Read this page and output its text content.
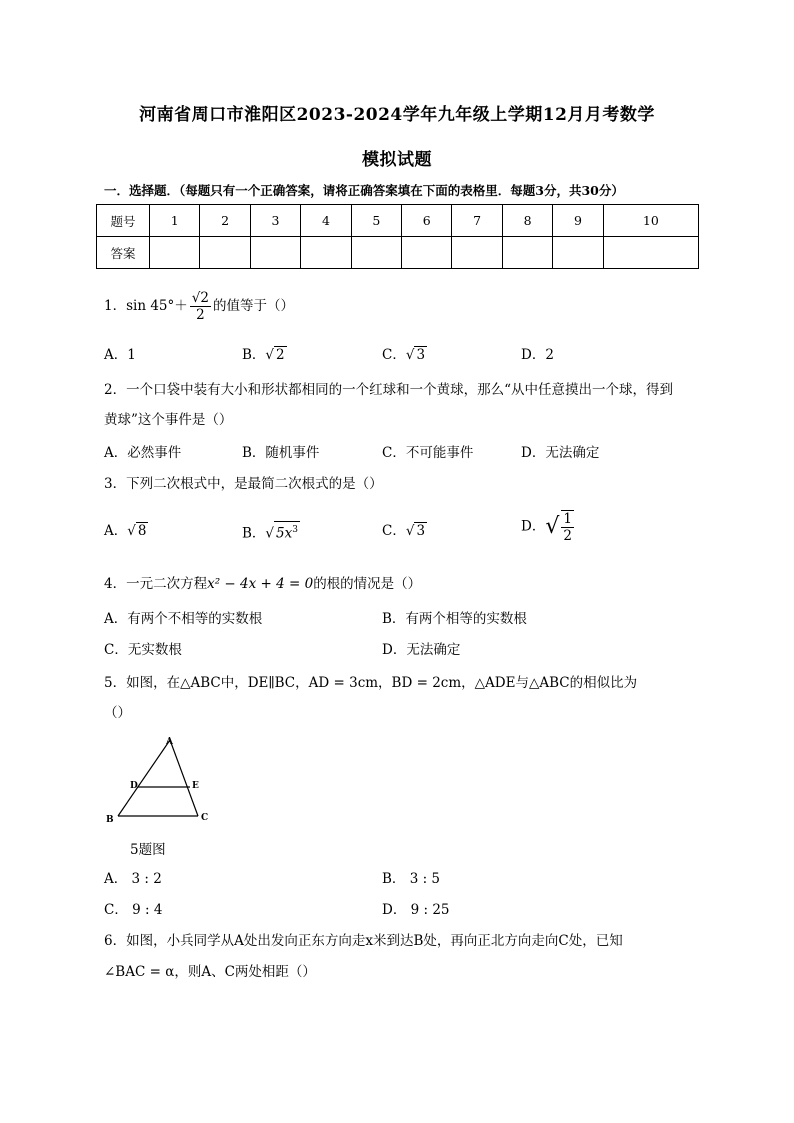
河南省周口市淮阳区2023-2024学年九年级上学期12月月考数学
模拟试题
一．选择题．（每题只有一个正确答案，请将正确答案填在下面的表格里．每题3分，共30分）
题号	1	2	3	4	5	6	7	8	9	10
答案										
1．$\sin 45^\circ+ \frac{√2}{2}$ 的值等于（）
A．1	B．√ 2	C．√ 3	D．2
2．一个口袋中装有大小和形状都相同的一个红球和一个黄球，那么“从中任意摸出一个球，得到
黄球”这个事件是（）
A．必然事件	B．随机事件	C．不可能事件	D．无法确定
3．下列二次根式中，是最简二次根式的是（）
A．√ 8	B．√ $5x^3$	C．√ 3	D．√ $\frac{1}{2}$
4．一元二次方程x² − 4x + 4 = 0的根的情况是（）
A．有两个不相等的实数根	B．有两个相等的实数根
C．无实数根	D．无法确定
5．如图，在△ABC中，DE∥BC，AD = 3cm，BD = 2cm，△ADE与△ABC的相似比为
（）
A
D	E
B	C
5题图
A． 3 : 2	B． 3 : 5
C． 9 : 4	D． 9 : 25
6．如图，小兵同学从A处出发向正东方向走x米到达B处，再向正北方向走向C处，已知
∠BAC = α，则A、C两处相距（）
